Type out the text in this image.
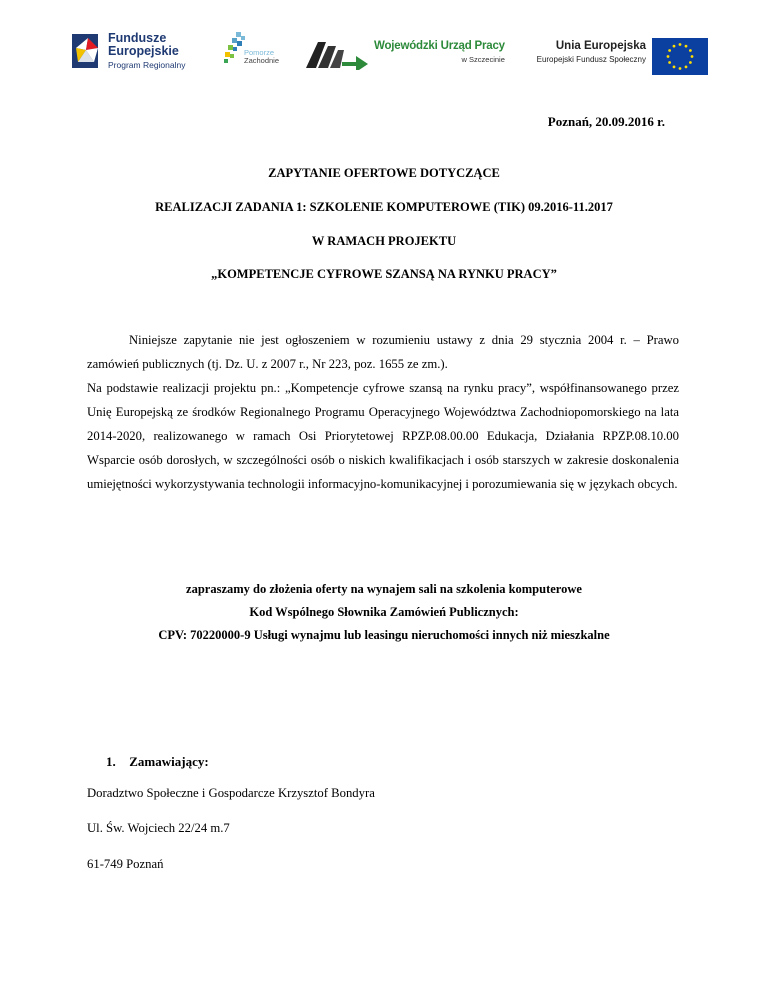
Fundusze
Europejskie
Program Regionalny
Pomorze
Zachodnie
Wojewódzki Urząd Pracy
w Szczecinie
Unia Europejska
Europejski Fundusz Społeczny
Poznań, 20.09.2016 r.
ZAPYTANIE OFERTOWE DOTYCZĄCE
REALIZACJI ZADANIA 1: SZKOLENIE KOMPUTEROWE (TIK) 09.2016-11.2017
W RAMACH PROJEKTU
„KOMPETENCJE CYFROWE SZANSĄ NA RYNKU PRACY”

Niniejsze zapytanie nie jest ogłoszeniem w rozumieniu ustawy z dnia 29 stycznia 2004 r. – Prawo zamówień publicznych (tj. Dz. U. z 2007 r., Nr 223, poz. 1655 ze zm.).

Na podstawie realizacji projektu pn.: „Kompetencje cyfrowe szansą na rynku pracy”, współfinansowanego przez Unię Europejską ze środków Regionalnego Programu Operacyjnego Województwa Zachodniopomorskiego na lata 2014-2020, realizowanego w ramach Osi Priorytetowej RPZP.08.00.00 Edukacja, Działania RPZP.08.10.00 Wsparcie osób dorosłych, w szczególności osób o niskich kwalifikacjach i osób starszych w zakresie doskonalenia umiejętności wykorzystywania technologii informacyjno-komunikacyjnej i porozumiewania się w językach obcych.

zapraszamy do złożenia oferty na wynajem sali na szkolenia komputerowe
Kod Wspólnego Słownika Zamówień Publicznych:
CPV: 70220000-9 Usługi wynajmu lub leasingu nieruchomości innych niż mieszkalne
1. Zamawiający:
Doradztwo Społeczne i Gospodarcze Krzysztof Bondyra
Ul. Św. Wojciech 22/24 m.7
61-749 Poznań
